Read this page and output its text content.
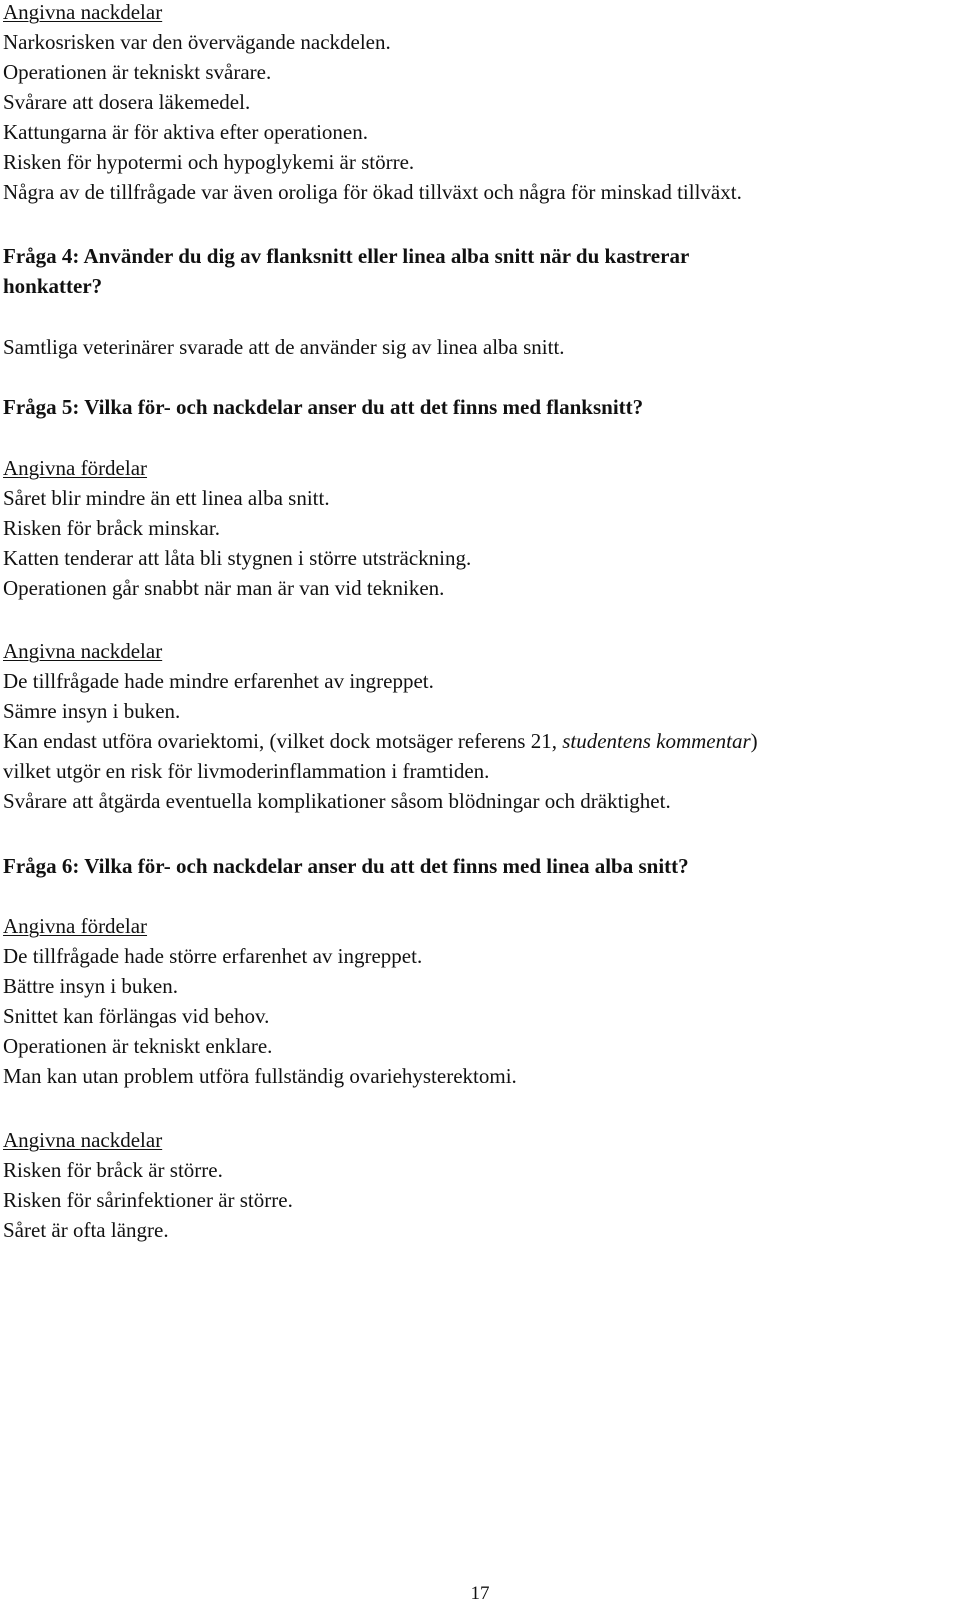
Angivna nackdelar

Narkosrisken var den övervägande nackdelen.

Operationen är tekniskt svårare.

Svårare att dosera läkemedel.

Kattungarna är för aktiva efter operationen.

Risken för hypotermi och hypoglykemi är större.

Några av de tillfrågade var även oroliga för ökad tillväxt och några för minskad tillväxt.

Fråga 4: Använder du dig av flanksnitt eller linea alba snitt när du kastrerar

honkatter?

Samtliga veterinärer svarade att de använder sig av linea alba snitt.

Fråga 5: Vilka för- och nackdelar anser du att det finns med flanksnitt?

Angivna fördelar

Såret blir mindre än ett linea alba snitt.

Risken för bråck minskar.

Katten tenderar att låta bli stygnen i större utsträckning.

Operationen går snabbt när man är van vid tekniken.

Angivna nackdelar

De tillfrågade hade mindre erfarenhet av ingreppet.

Sämre insyn i buken.

Kan endast utföra ovariektomi, (vilket dock motsäger referens 21, studentens kommentar)

vilket utgör en risk för livmoderinflammation i framtiden.

Svårare att åtgärda eventuella komplikationer såsom blödningar och dräktighet.

Fråga 6: Vilka för- och nackdelar anser du att det finns med linea alba snitt?

Angivna fördelar

De tillfrågade hade större erfarenhet av ingreppet.

Bättre insyn i buken.

Snittet kan förlängas vid behov.

Operationen är tekniskt enklare.

Man kan utan problem utföra fullständig ovariehysterektomi.

Angivna nackdelar

Risken för bråck är större.

Risken för sårinfektioner är större.

Såret är ofta längre.

17
